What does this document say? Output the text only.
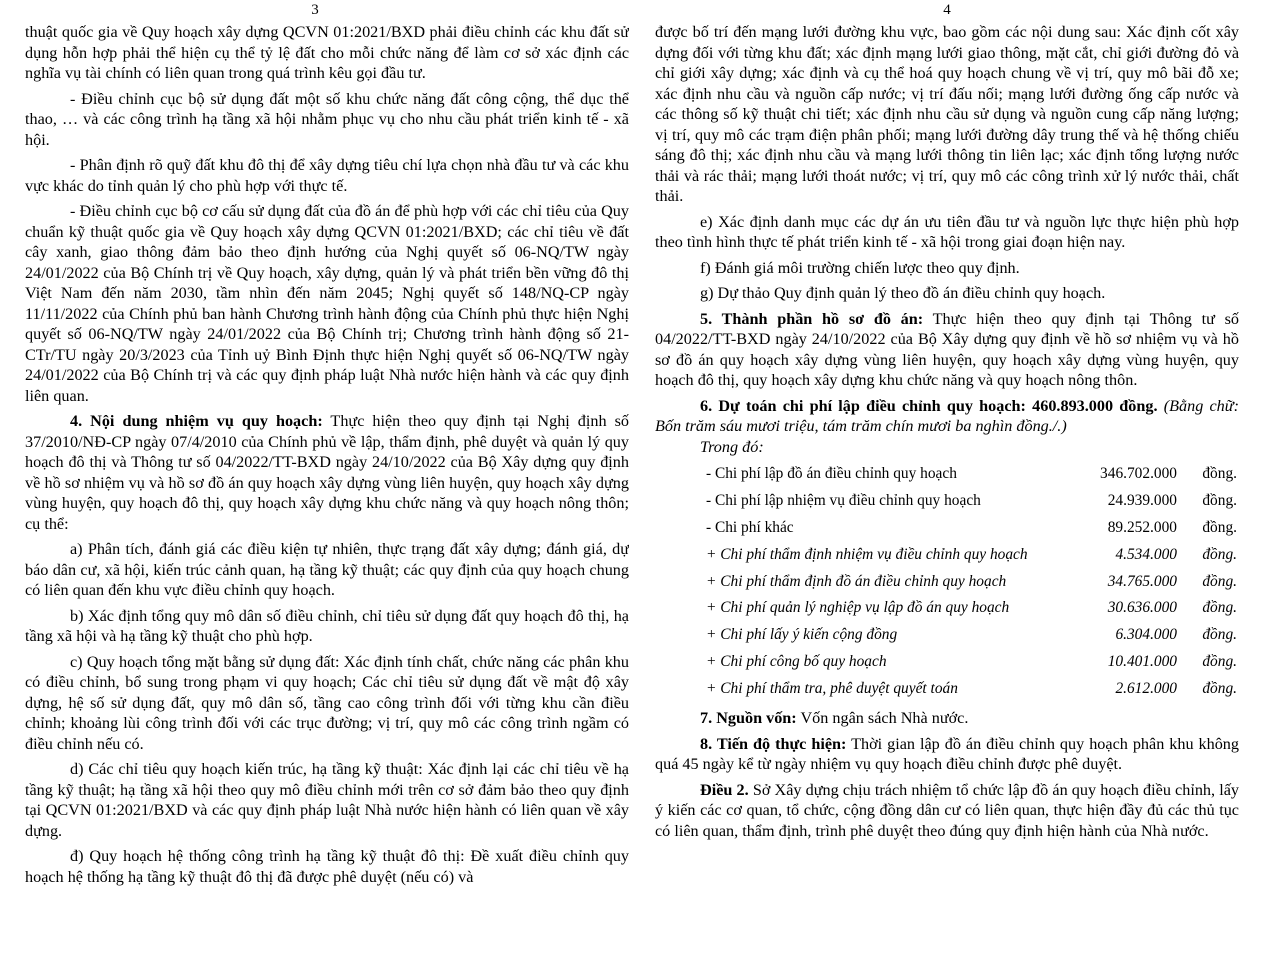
3

thuật quốc gia về Quy hoạch xây dựng QCVN 01:2021/BXD phải điều chỉnh các khu đất sử dụng hỗn hợp phải thể hiện cụ thể tỷ lệ đất cho mỗi chức năng để làm cơ sở xác định các nghĩa vụ tài chính có liên quan trong quá trình kêu gọi đầu tư.

- Điều chỉnh cục bộ sử dụng đất một số khu chức năng đất công cộng, thể dục thể thao, … và các công trình hạ tầng xã hội nhằm phục vụ cho nhu cầu phát triển kinh tế - xã hội.

- Phân định rõ quỹ đất khu đô thị để xây dựng tiêu chí lựa chọn nhà đầu tư và các khu vực khác do tỉnh quản lý cho phù hợp với thực tế.

- Điều chỉnh cục bộ cơ cấu sử dụng đất của đồ án để phù hợp với các chỉ tiêu của Quy chuẩn kỹ thuật quốc gia về Quy hoạch xây dựng QCVN 01:2021/BXD; các chỉ tiêu về đất cây xanh, giao thông đảm bảo theo định hướng của Nghị quyết số 06-NQ/TW ngày 24/01/2022 của Bộ Chính trị về Quy hoạch, xây dựng, quản lý và phát triển bền vững đô thị Việt Nam đến năm 2030, tầm nhìn đến năm 2045; Nghị quyết số 148/NQ-CP ngày 11/11/2022 của Chính phủ ban hành Chương trình hành động của Chính phủ thực hiện Nghị quyết số 06-NQ/TW ngày 24/01/2022 của Bộ Chính trị; Chương trình hành động số 21-CTr/TU ngày 20/3/2023 của Tỉnh uỷ Bình Định thực hiện Nghị quyết số 06-NQ/TW ngày 24/01/2022 của Bộ Chính trị và các quy định pháp luật Nhà nước hiện hành và các quy định liên quan.

4. Nội dung nhiệm vụ quy hoạch: Thực hiện theo quy định tại Nghị định số 37/2010/NĐ-CP ngày 07/4/2010 của Chính phủ về lập, thẩm định, phê duyệt và quản lý quy hoạch đô thị và Thông tư số 04/2022/TT-BXD ngày 24/10/2022 của Bộ Xây dựng quy định về hồ sơ nhiệm vụ và hồ sơ đồ án quy hoạch xây dựng vùng liên huyện, quy hoạch xây dựng vùng huyện, quy hoạch đô thị, quy hoạch xây dựng khu chức năng và quy hoạch nông thôn; cụ thể:

a) Phân tích, đánh giá các điều kiện tự nhiên, thực trạng đất xây dựng; đánh giá, dự báo dân cư, xã hội, kiến trúc cảnh quan, hạ tầng kỹ thuật; các quy định của quy hoạch chung có liên quan đến khu vực điều chỉnh quy hoạch.

b) Xác định tổng quy mô dân số điều chỉnh, chỉ tiêu sử dụng đất quy hoạch đô thị, hạ tầng xã hội và hạ tầng kỹ thuật cho phù hợp.

c) Quy hoạch tổng mặt bằng sử dụng đất: Xác định tính chất, chức năng các phân khu có điều chỉnh, bổ sung trong phạm vi quy hoạch; Các chỉ tiêu sử dụng đất về mật độ xây dựng, hệ số sử dụng đất, quy mô dân số, tầng cao công trình đối với từng khu cần điều chỉnh; khoảng lùi công trình đối với các trục đường; vị trí, quy mô các công trình ngầm có điều chỉnh nếu có.

d) Các chỉ tiêu quy hoạch kiến trúc, hạ tầng kỹ thuật: Xác định lại các chỉ tiêu về hạ tầng kỹ thuật; hạ tầng xã hội theo quy mô điều chỉnh mới trên cơ sở đảm bảo theo quy định tại QCVN 01:2021/BXD và các quy định pháp luật Nhà nước hiện hành có liên quan về xây dựng.

đ) Quy hoạch hệ thống công trình hạ tầng kỹ thuật đô thị: Đề xuất điều chỉnh quy hoạch hệ thống hạ tầng kỹ thuật đô thị đã được phê duyệt (nếu có) và

4

được bố trí đến mạng lưới đường khu vực, bao gồm các nội dung sau: Xác định cốt xây dựng đối với từng khu đất; xác định mạng lưới giao thông, mặt cắt, chỉ giới đường đỏ và chỉ giới xây dựng; xác định và cụ thể hoá quy hoạch chung về vị trí, quy mô bãi đỗ xe; xác định nhu cầu và nguồn cấp nước; vị trí đấu nối; mạng lưới đường ống cấp nước và các thông số kỹ thuật chi tiết; xác định nhu cầu sử dụng và nguồn cung cấp năng lượng; vị trí, quy mô các trạm điện phân phối; mạng lưới đường dây trung thế và hệ thống chiếu sáng đô thị; xác định nhu cầu và mạng lưới thông tin liên lạc; xác định tổng lượng nước thải và rác thải; mạng lưới thoát nước; vị trí, quy mô các công trình xử lý nước thải, chất thải.

e) Xác định danh mục các dự án ưu tiên đầu tư và nguồn lực thực hiện phù hợp theo tình hình thực tế phát triển kinh tế - xã hội trong giai đoạn hiện nay.

f) Đánh giá môi trường chiến lược theo quy định.

g) Dự thảo Quy định quản lý theo đồ án điều chỉnh quy hoạch.

5. Thành phần hồ sơ đồ án: Thực hiện theo quy định tại Thông tư số 04/2022/TT-BXD ngày 24/10/2022 của Bộ Xây dựng quy định về hồ sơ nhiệm vụ và hồ sơ đồ án quy hoạch xây dựng vùng liên huyện, quy hoạch xây dựng vùng huyện, quy hoạch đô thị, quy hoạch xây dựng khu chức năng và quy hoạch nông thôn.

6. Dự toán chi phí lập điều chỉnh quy hoạch: 460.893.000 đồng. (Bằng chữ: Bốn trăm sáu mươi triệu, tám trăm chín mươi ba nghìn đồng./.)

Trong đó:

- Chi phí lập đồ án điều chỉnh quy hoạch	346.702.000	đồng.
- Chi phí lập nhiệm vụ điều chỉnh quy hoạch	24.939.000	đồng.
- Chi phí khác	89.252.000	đồng.
+ Chi phí thẩm định nhiệm vụ điều chỉnh quy hoạch	4.534.000	đồng.
+ Chi phí thẩm định đồ án điều chỉnh quy hoạch	34.765.000	đồng.
+ Chi phí quản lý nghiệp vụ lập đồ án quy hoạch	30.636.000	đồng.
+ Chi phí lấy ý kiến cộng đồng	6.304.000	đồng.
+ Chi phí công bố quy hoạch	10.401.000	đồng.
+ Chi phí thẩm tra, phê duyệt quyết toán	2.612.000	đồng.

7. Nguồn vốn: Vốn ngân sách Nhà nước.

8. Tiến độ thực hiện: Thời gian lập đồ án điều chỉnh quy hoạch phân khu không quá 45 ngày kể từ ngày nhiệm vụ quy hoạch điều chỉnh được phê duyệt.

Điều 2. Sở Xây dựng chịu trách nhiệm tổ chức lập đồ án quy hoạch điều chỉnh, lấy ý kiến các cơ quan, tổ chức, cộng đồng dân cư có liên quan, thực hiện đầy đủ các thủ tục có liên quan, thẩm định, trình phê duyệt theo đúng quy định hiện hành của Nhà nước.
